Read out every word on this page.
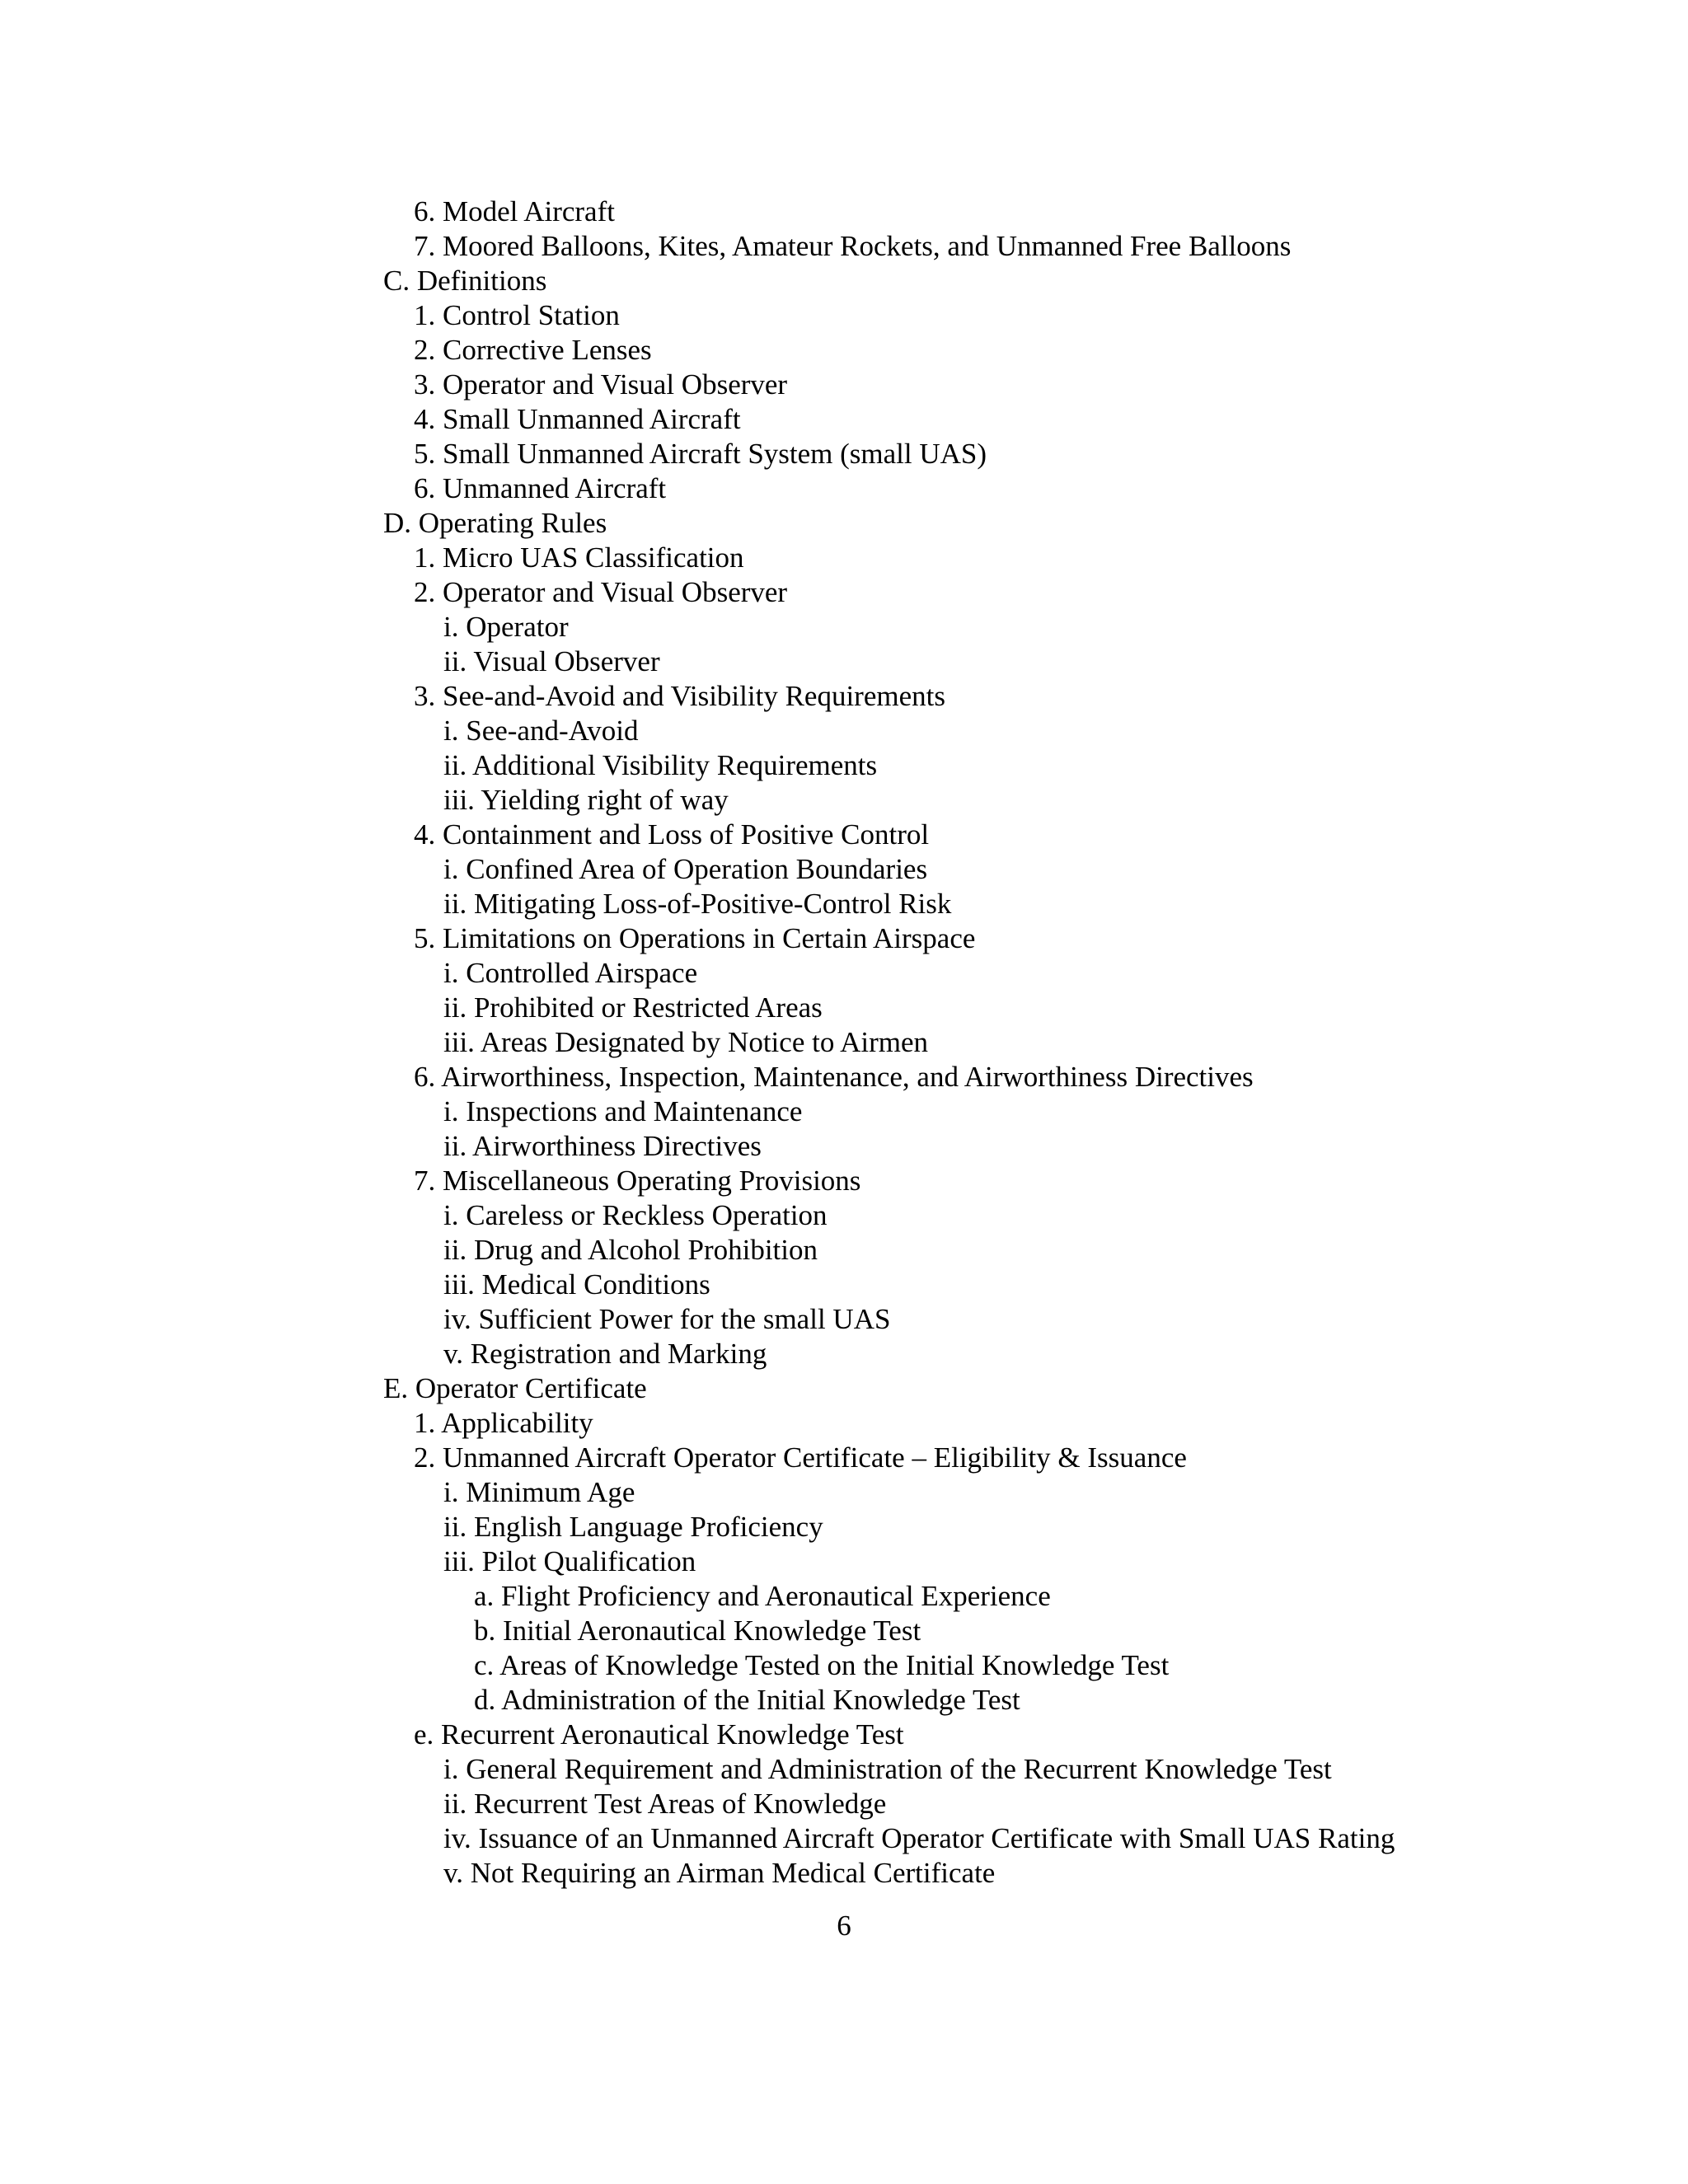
6. Model Aircraft
7. Moored Balloons, Kites, Amateur Rockets, and Unmanned Free Balloons
C. Definitions
1. Control Station
2. Corrective Lenses
3. Operator and Visual Observer
4. Small Unmanned Aircraft
5. Small Unmanned Aircraft System (small UAS)
6. Unmanned Aircraft
D. Operating Rules
1. Micro UAS Classification
2. Operator and Visual Observer
i. Operator
ii. Visual Observer
3. See-and-Avoid and Visibility Requirements
i. See-and-Avoid
ii. Additional Visibility Requirements
iii. Yielding right of way
4. Containment and Loss of Positive Control
i. Confined Area of Operation Boundaries
ii. Mitigating Loss-of-Positive-Control Risk
5. Limitations on Operations in Certain Airspace
i. Controlled Airspace
ii. Prohibited or Restricted Areas
iii. Areas Designated by Notice to Airmen
6. Airworthiness, Inspection, Maintenance, and Airworthiness Directives
i. Inspections and Maintenance
ii. Airworthiness Directives
7. Miscellaneous Operating Provisions
i. Careless or Reckless Operation
ii. Drug and Alcohol Prohibition
iii. Medical Conditions
iv. Sufficient Power for the small UAS
v. Registration and Marking
E. Operator Certificate
1. Applicability
2. Unmanned Aircraft Operator Certificate – Eligibility & Issuance
i. Minimum Age
ii. English Language Proficiency
iii. Pilot Qualification
a. Flight Proficiency and Aeronautical Experience
b. Initial Aeronautical Knowledge Test
c. Areas of Knowledge Tested on the Initial Knowledge Test
d. Administration of the Initial Knowledge Test
e. Recurrent Aeronautical Knowledge Test
i. General Requirement and Administration of the Recurrent Knowledge Test
ii. Recurrent Test Areas of Knowledge
iv. Issuance of an Unmanned Aircraft Operator Certificate with Small UAS Rating
v. Not Requiring an Airman Medical Certificate
6
